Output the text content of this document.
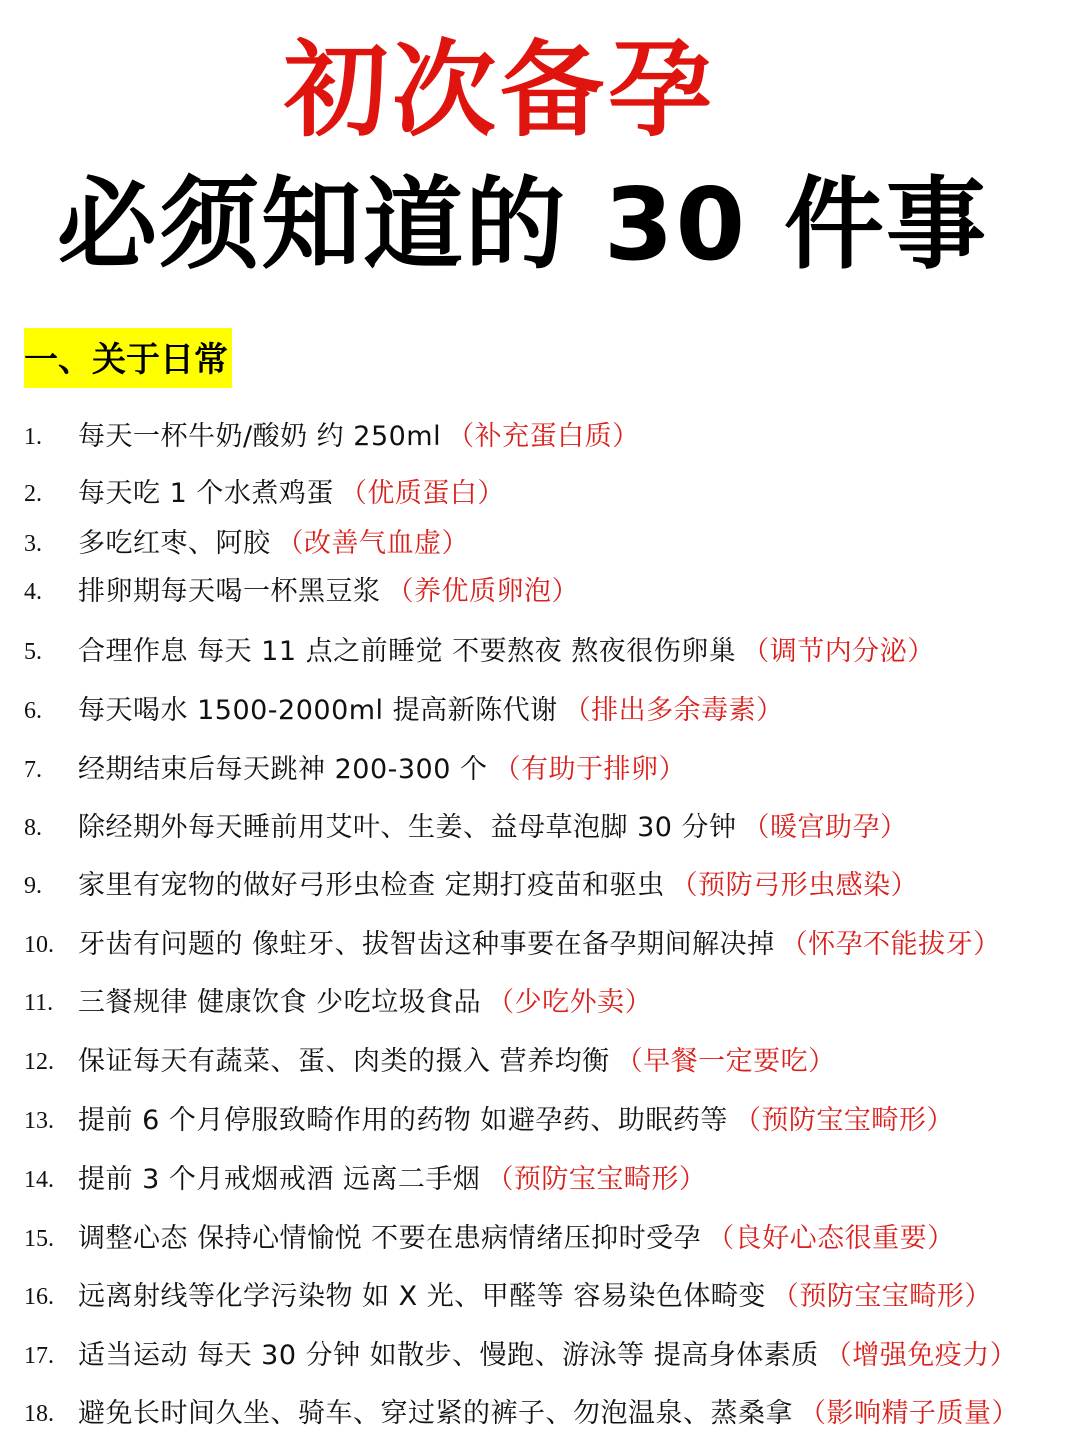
初次备孕
必须知道的 30 件事
一、关于日常
1. 每天一杯牛奶/酸奶 约 250ml （补充蛋白质）
2. 每天吃 1 个水煮鸡蛋 （优质蛋白）
3. 多吃红枣、阿胶 （改善气血虚）
4. 排卵期每天喝一杯黑豆浆 （养优质卵泡）
5. 合理作息 每天 11 点之前睡觉 不要熬夜 熬夜很伤卵巢 （调节内分泌）
6. 每天喝水 1500-2000ml 提高新陈代谢 （排出多余毒素）
7. 经期结束后每天跳神 200-300 个 （有助于排卵）
8. 除经期外每天睡前用艾叶、生姜、益母草泡脚 30 分钟 （暖宫助孕）
9. 家里有宠物的做好弓形虫检查 定期打疫苗和驱虫 （预防弓形虫感染）
10. 牙齿有问题的 像蛀牙、拔智齿这种事要在备孕期间解决掉 （怀孕不能拔牙）
11. 三餐规律 健康饮食 少吃垃圾食品 （少吃外卖）
12. 保证每天有蔬菜、蛋、肉类的摄入 营养均衡 （早餐一定要吃）
13. 提前 6 个月停服致畸作用的药物 如避孕药、助眠药等 （预防宝宝畸形）
14. 提前 3 个月戒烟戒酒 远离二手烟 （预防宝宝畸形）
15. 调整心态 保持心情愉悦 不要在患病情绪压抑时受孕 （良好心态很重要）
16. 远离射线等化学污染物 如 X 光、甲醛等 容易染色体畸变 （预防宝宝畸形）
17. 适当运动 每天 30 分钟 如散步、慢跑、游泳等 提高身体素质 （增强免疫力）
18. 避免长时间久坐、骑车、穿过紧的裤子、勿泡温泉、蒸桑拿 （影响精子质量）
